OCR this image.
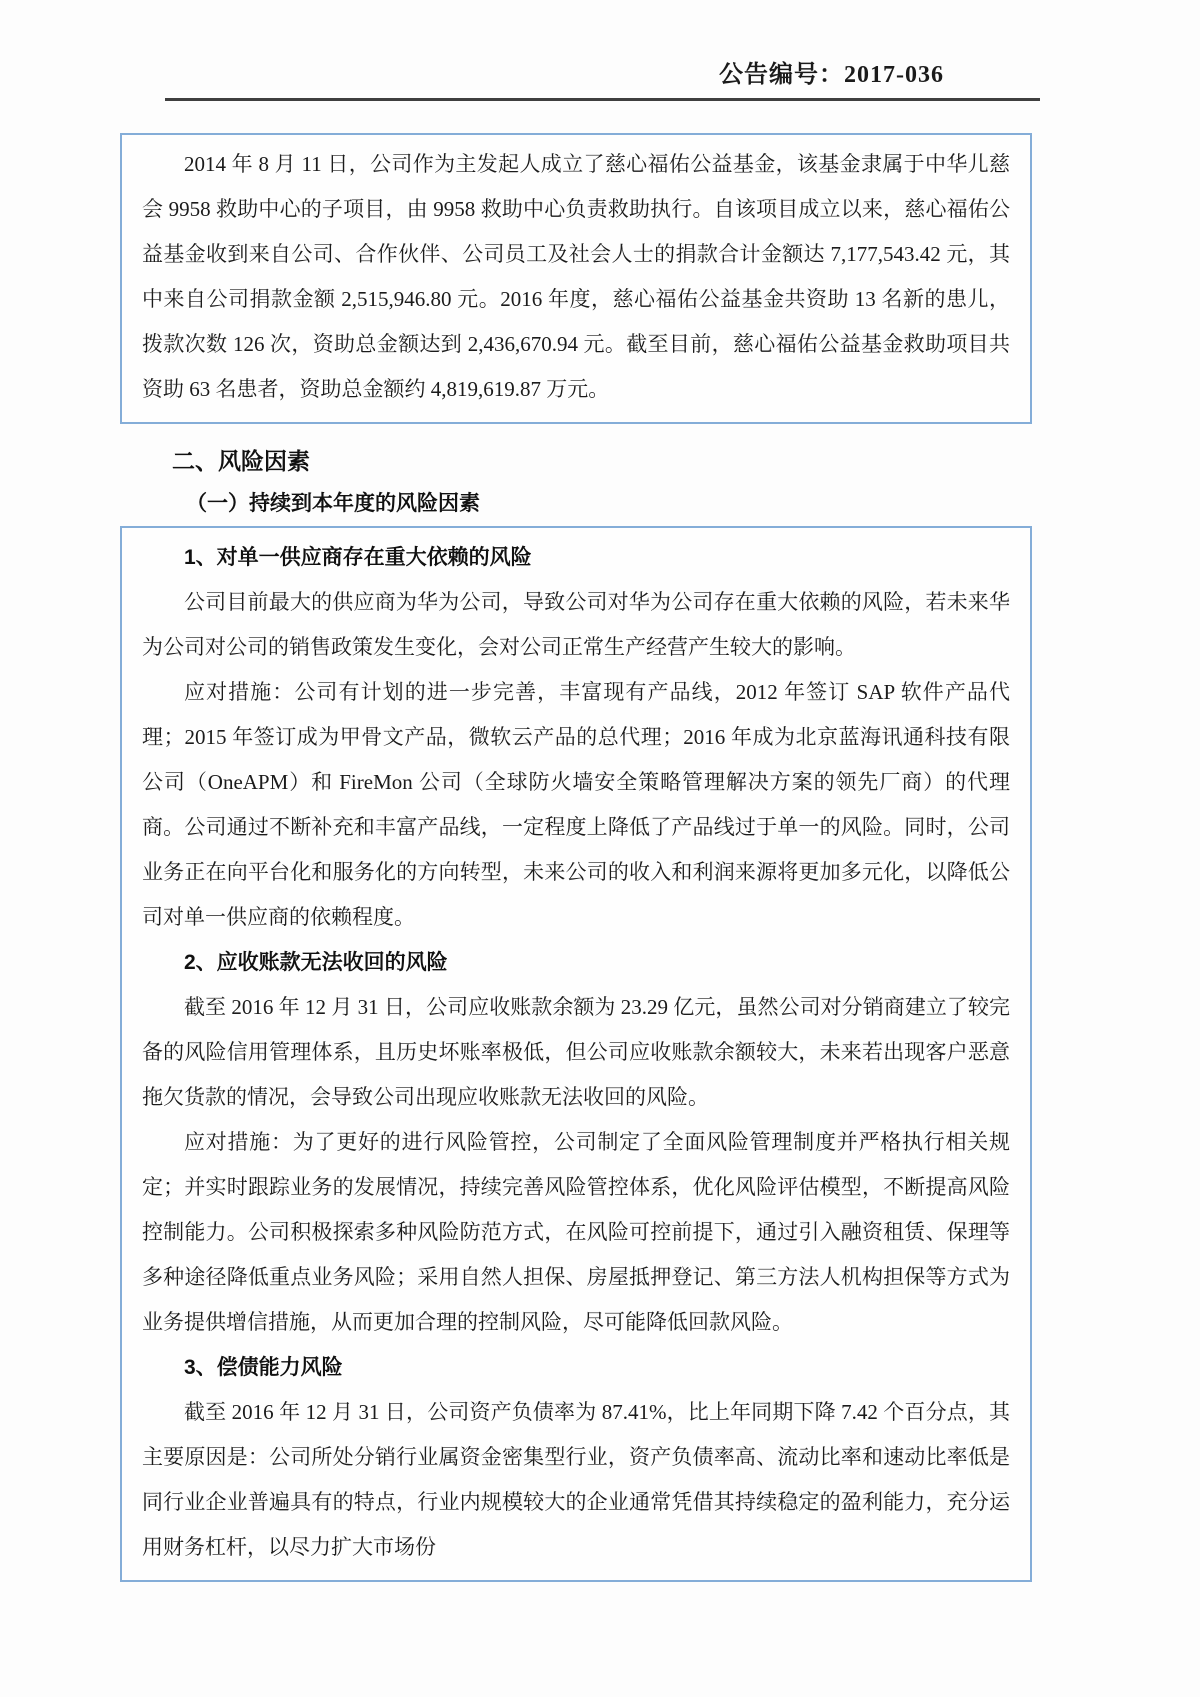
公告编号：2017-036

2014 年 8 月 11 日，公司作为主发起人成立了慈心福佑公益基金，该基金隶属于中华儿慈会 9958 救助中心的子项目，由 9958 救助中心负责救助执行。自该项目成立以来，慈心福佑公益基金收到来自公司、合作伙伴、公司员工及社会人士的捐款合计金额达 7,177,543.42 元，其中来自公司捐款金额 2,515,946.80 元。2016 年度，慈心福佑公益基金共资助 13 名新的患儿，拨款次数 126 次，资助总金额达到 2,436,670.94 元。截至目前，慈心福佑公益基金救助项目共资助 63 名患者，资助总金额约 4,819,619.87 万元。

二、风险因素
（一）持续到本年度的风险因素
1、对单一供应商存在重大依赖的风险

公司目前最大的供应商为华为公司，导致公司对华为公司存在重大依赖的风险，若未来华为公司对公司的销售政策发生变化，会对公司正常生产经营产生较大的影响。

应对措施：公司有计划的进一步完善，丰富现有产品线，2012 年签订 SAP 软件产品代理；2015 年签订成为甲骨文产品，微软云产品的总代理；2016 年成为北京蓝海讯通科技有限公司（OneAPM）和 FireMon 公司（全球防火墙安全策略管理解决方案的领先厂商）的代理商。公司通过不断补充和丰富产品线，一定程度上降低了产品线过于单一的风险。同时，公司业务正在向平台化和服务化的方向转型，未来公司的收入和利润来源将更加多元化，以降低公司对单一供应商的依赖程度。

2、应收账款无法收回的风险

截至 2016 年 12 月 31 日，公司应收账款余额为 23.29 亿元，虽然公司对分销商建立了较完备的风险信用管理体系，且历史坏账率极低，但公司应收账款余额较大，未来若出现客户恶意拖欠货款的情况，会导致公司出现应收账款无法收回的风险。

应对措施：为了更好的进行风险管控，公司制定了全面风险管理制度并严格执行相关规定；并实时跟踪业务的发展情况，持续完善风险管控体系，优化风险评估模型，不断提高风险控制能力。公司积极探索多种风险防范方式，在风险可控前提下，通过引入融资租赁、保理等多种途径降低重点业务风险；采用自然人担保、房屋抵押登记、第三方法人机构担保等方式为业务提供增信措施，从而更加合理的控制风险，尽可能降低回款风险。

3、偿债能力风险

截至 2016 年 12 月 31 日，公司资产负债率为 87.41%，比上年同期下降 7.42 个百分点，其主要原因是：公司所处分销行业属资金密集型行业，资产负债率高、流动比率和速动比率低是同行业企业普遍具有的特点，行业内规模较大的企业通常凭借其持续稳定的盈利能力，充分运用财务杠杆，以尽力扩大市场份
